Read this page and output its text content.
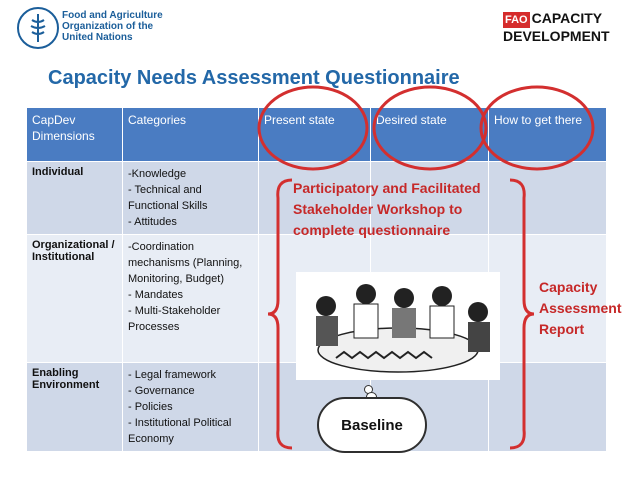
Food and Agriculture
Organization of the
United Nations
FAO CAPACITY
DEVELOPMENT
Capacity Needs Assessment Questionnaire
CapDev Dimensions	Categories	Present state	Desired state	How to get there
Individual	-Knowledge
- Technical and Functional Skills
- Attitudes			

Organizational / Institutional	-Coordination mechanisms (Planning, Monitoring, Budget)
- Mandates
- Multi-Stakeholder Processes			

Enabling Environment	- Legal framework
- Governance
- Policies
- Institutional Political Economy			

Participatory and Facilitated Stakeholder Workshop to complete questionnaire
Capacity Assessment Report
Baseline
